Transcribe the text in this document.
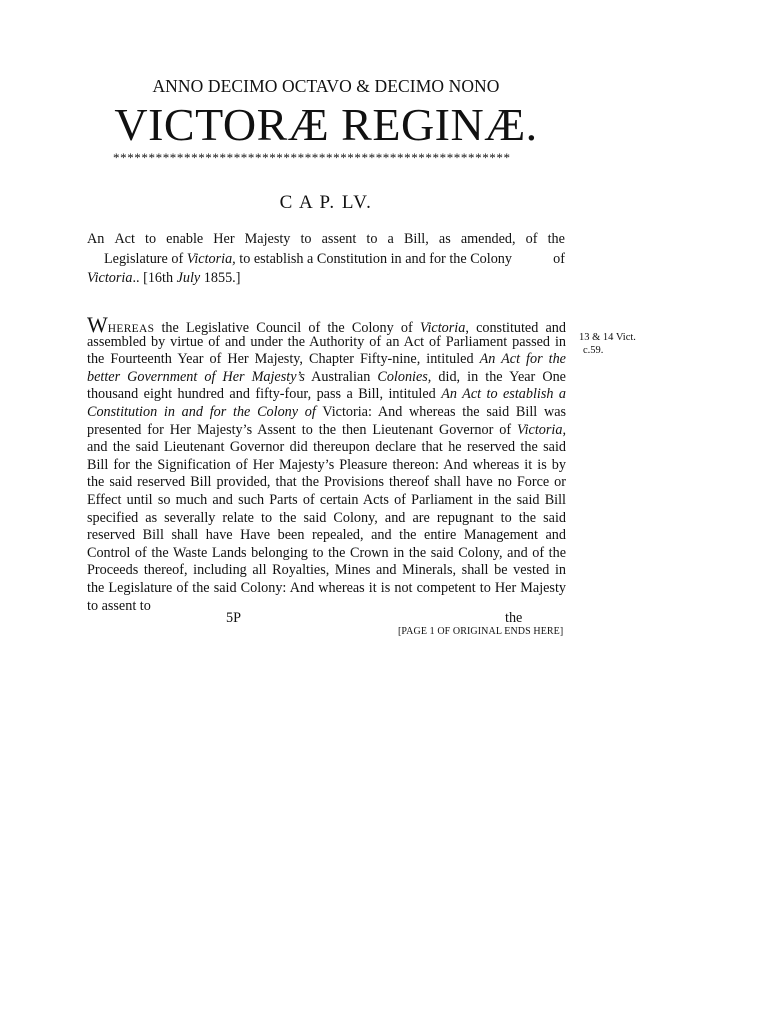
ANNO DECIMO OCTAVO & DECIMO NONO
VICTORÆ REGINÆ.
********************************************************
C A P. LV.
An Act to enable Her Majesty to assent to a Bill, as amended, of the
Legislature of Victoria, to establish a Constitution in and for the Colony	of
Victoria.. [16th July 1855.]
WHEREAS the Legislative Council of the Colony of Victoria, constituted and
assembled by virtue of and under the Authority of an Act of Parliament passed in
the Fourteenth Year of Her Majesty, Chapter Fifty-nine, intituled An Act for the
better Government of Her Majesty’s Australian Colonies, did, in the Year One
thousand eight hundred and fifty-four, pass a Bill, intituled An Act to establish a
Constitution in and for the Colony of Victoria: And whereas the said Bill was
presented for Her Majesty’s Assent to the then Lieutenant Governor of Victoria,
and the said Lieutenant Governor did thereupon declare that he reserved the said
Bill for the Signification of Her Majesty’s Pleasure thereon: And whereas it is by
the said reserved Bill provided, that the Provisions thereof shall have no Force or
Effect until so much and such Parts of certain Acts of Parliament in the said Bill
specified as severally relate to the said Colony, and are repugnant to the said
reserved Bill shall have Have been repealed, and the entire Management and
Control of the Waste Lands belonging to the Crown in the said Colony, and of the
Proceeds thereof, including all Royalties, Mines and Minerals, shall be vested in
the Legislature of the said Colony: And whereas it is not competent to Her Majesty
to assent to
13 & 14 Vict.
c.59.
5P	the
[PAGE 1 OF ORIGINAL ENDS HERE]
